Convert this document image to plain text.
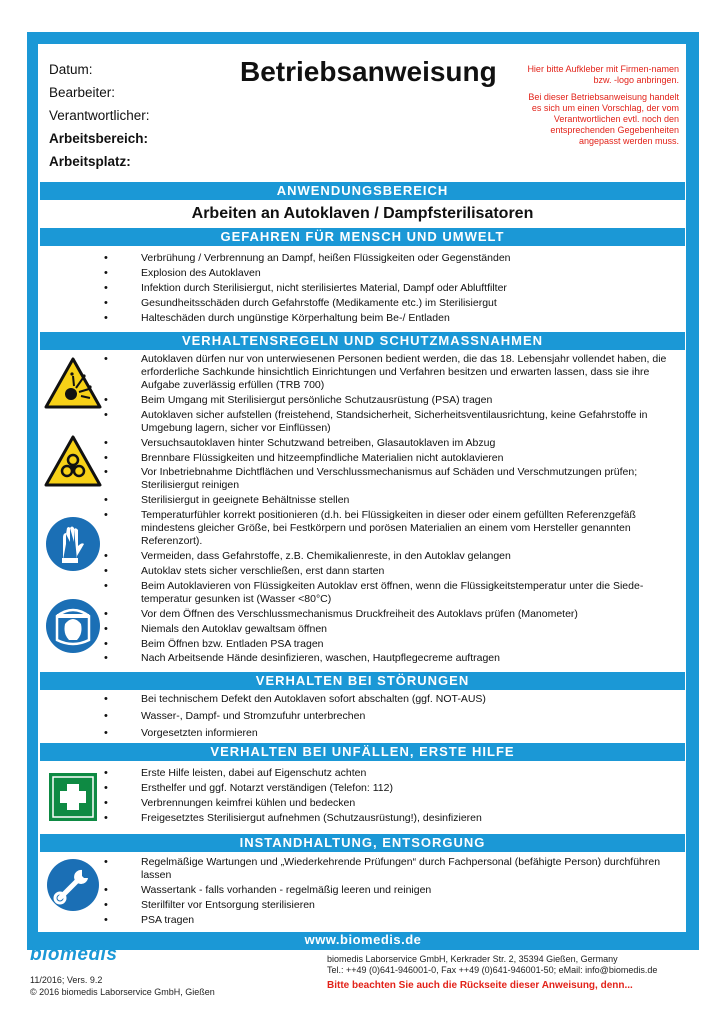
Datum:
Bearbeiter:
Verantwortlicher:
Arbeitsbereich:
Arbeitsplatz:
Betriebsanweisung	Hier bitte Aufkleber mit Firmen-namen bzw. -logo anbringen.

Bei dieser Betriebsanweisung handelt es sich um einen Vorschlag, der vom Verantwortlichen evtl. noch den entsprechenden Gegebenheiten angepasst werden muss.

ANWENDUNGSBEREICH
Arbeiten an Autoklaven / Dampfsterilisatoren
GEFAHREN FÜR MENSCH UND UMWELT
• Verbrühung / Verbrennung an Dampf, heißen Flüssigkeiten oder Gegenständen
• Explosion des Autoklaven
• Infektion durch Sterilisiergut, nicht sterilisiertes Material, Dampf oder Abluftfilter
• Gesundheitsschäden durch Gefahrstoffe (Medikamente etc.) im Sterilisiergut
• Halteschäden durch ungünstige Körperhaltung beim Be-/ Entladen
VERHALTENSREGELN UND SCHUTZMASSNAHMEN
• Autoklaven dürfen nur von unterwiesenen Personen bedient werden, die das 18. Lebensjahr vollendet haben, die erforderliche Sachkunde hinsichtlich Einrichtungen und Verfahren besitzen und erwarten lassen, dass sie ihre Aufgabe zuverlässig erfüllen (TRB 700)
• Beim Umgang mit Sterilisiergut persönliche Schutzausrüstung (PSA) tragen
• Autoklaven sicher aufstellen (freistehend, Standsicherheit, Sicherheitsventilausrichtung, keine Gefahrstoffe in Umgebung lagern, sicher vor Einflüssen)
• Versuchsautoklaven hinter Schutzwand betreiben, Glasautoklaven im Abzug
• Brennbare Flüssigkeiten und hitzeempfindliche Materialien nicht autoklavieren
• Vor Inbetriebnahme Dichtflächen und Verschlussmechanismus auf Schäden und Verschmutzungen prüfen; Sterilisiergut reinigen
• Sterilisiergut in geeignete Behältnisse stellen
• Temperaturfühler korrekt positionieren (d.h. bei Flüssigkeiten in dieser oder einem gefüllten Referenzgefäß mindestens gleicher Größe, bei Festkörpern und porösen Materialien an einem vom Hersteller genannten Referenzort).
• Vermeiden, dass Gefahrstoffe, z.B. Chemikalienreste, in den Autoklav gelangen
• Autoklav stets sicher verschließen, erst dann starten
• Beim Autoklavieren von Flüssigkeiten Autoklav erst öffnen, wenn die Flüssigkeitstemperatur unter die Siede-temperatur gesunken ist (Wasser <80°C)
• Vor dem Öffnen des Verschlussmechanismus Druckfreiheit des Autoklavs prüfen (Manometer)
• Niemals den Autoklav gewaltsam öffnen
• Beim Öffnen bzw. Entladen PSA tragen
• Nach Arbeitsende Hände desinfizieren, waschen, Hautpflegecreme auftragen
VERHALTEN BEI STÖRUNGEN
• Bei technischem Defekt den Autoklaven sofort abschalten (ggf. NOT-AUS)
• Wasser-, Dampf- und Stromzufuhr unterbrechen
• Vorgesetzten informieren
VERHALTEN BEI UNFÄLLEN, ERSTE HILFE
• Erste Hilfe leisten, dabei auf Eigenschutz achten
• Ersthelfer und ggf. Notarzt verständigen (Telefon: 112)
• Verbrennungen keimfrei kühlen und bedecken
• Freigesetztes Sterilisiergut aufnehmen (Schutzausrüstung!), desinfizieren
INSTANDHALTUNG, ENTSORGUNG
• Regelmäßige Wartungen und „Wiederkehrende Prüfungen“ durch Fachpersonal (befähigte Person) durchführen lassen
• Wassertank - falls vorhanden - regelmäßig leeren und reinigen
• Sterilfilter vor Entsorgung sterilisieren
• PSA tragen
www.biomedis.de
biomedis
11/2016; Vers. 9.2
© 2016 biomedis Laborservice GmbH, Gießen
biomedis Laborservice GmbH, Kerkrader Str. 2, 35394 Gießen, Germany
Tel.: ++49 (0)641-946001-0, Fax ++49 (0)641-946001-50; eMail: info@biomedis.de
Bitte beachten Sie auch die Rückseite dieser Anweisung, denn...
